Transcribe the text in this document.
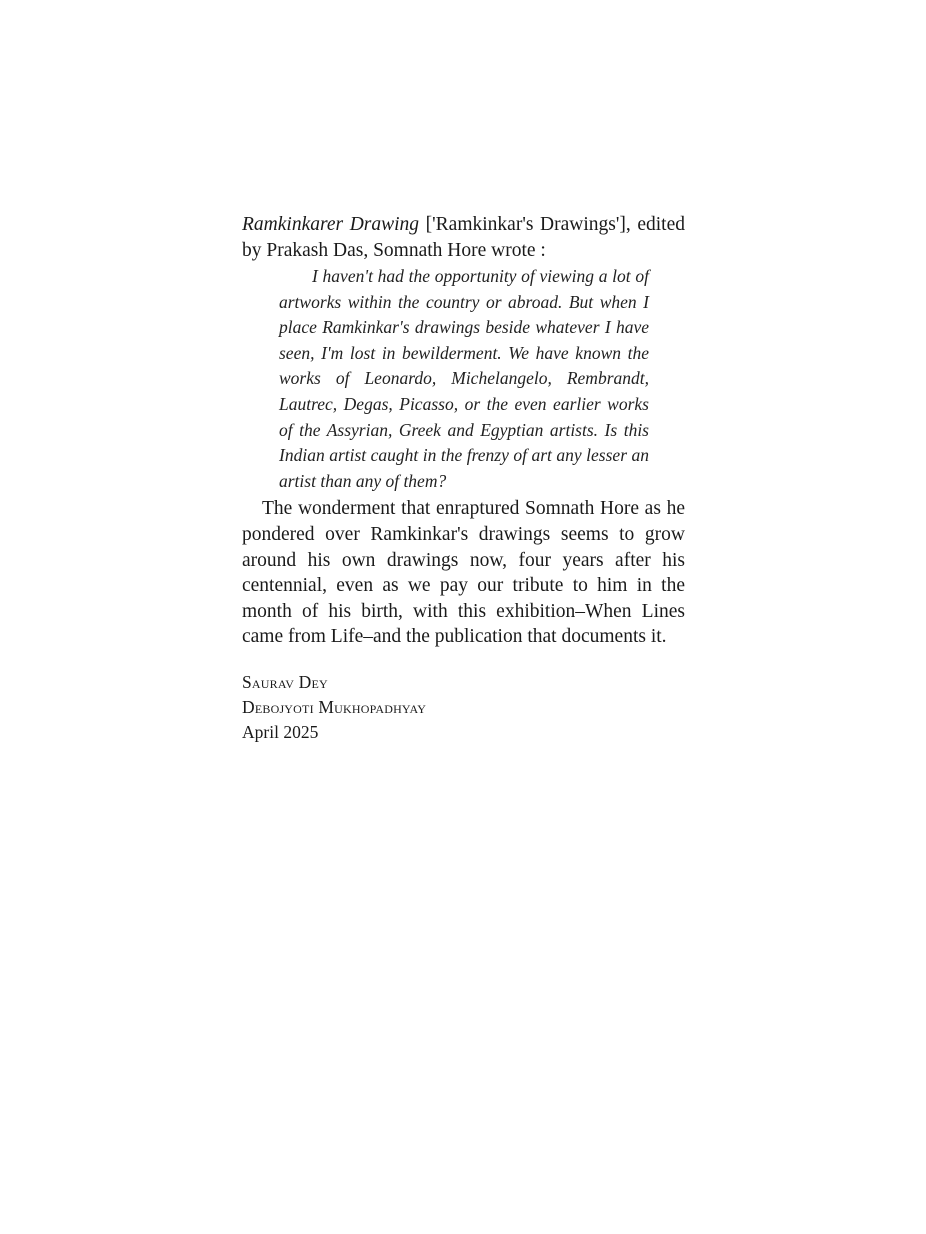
Ramkinkarer Drawing ['Ramkinkar's Drawings'], edited by Prakash Das, Somnath Hore wrote :

I haven't had the opportunity of viewing a lot of artworks within the country or abroad. But when I place Ramkinkar's drawings beside whatever I have seen, I'm lost in bewilderment. We have known the works of Leonardo, Michelangelo, Rembrandt, Lautrec, Degas, Picasso, or the even earlier works of the Assyrian, Greek and Egyptian artists. Is this Indian artist caught in the frenzy of art any lesser an artist than any of them?

The wonderment that enraptured Somnath Hore as he pondered over Ramkinkar's drawings seems to grow around his own drawings now, four years after his centennial, even as we pay our tribute to him in the month of his birth, with this exhibition–When Lines came from Life–and the publication that documents it.

Saurav Dey
Debojyoti Mukhopadhyay
April 2025
